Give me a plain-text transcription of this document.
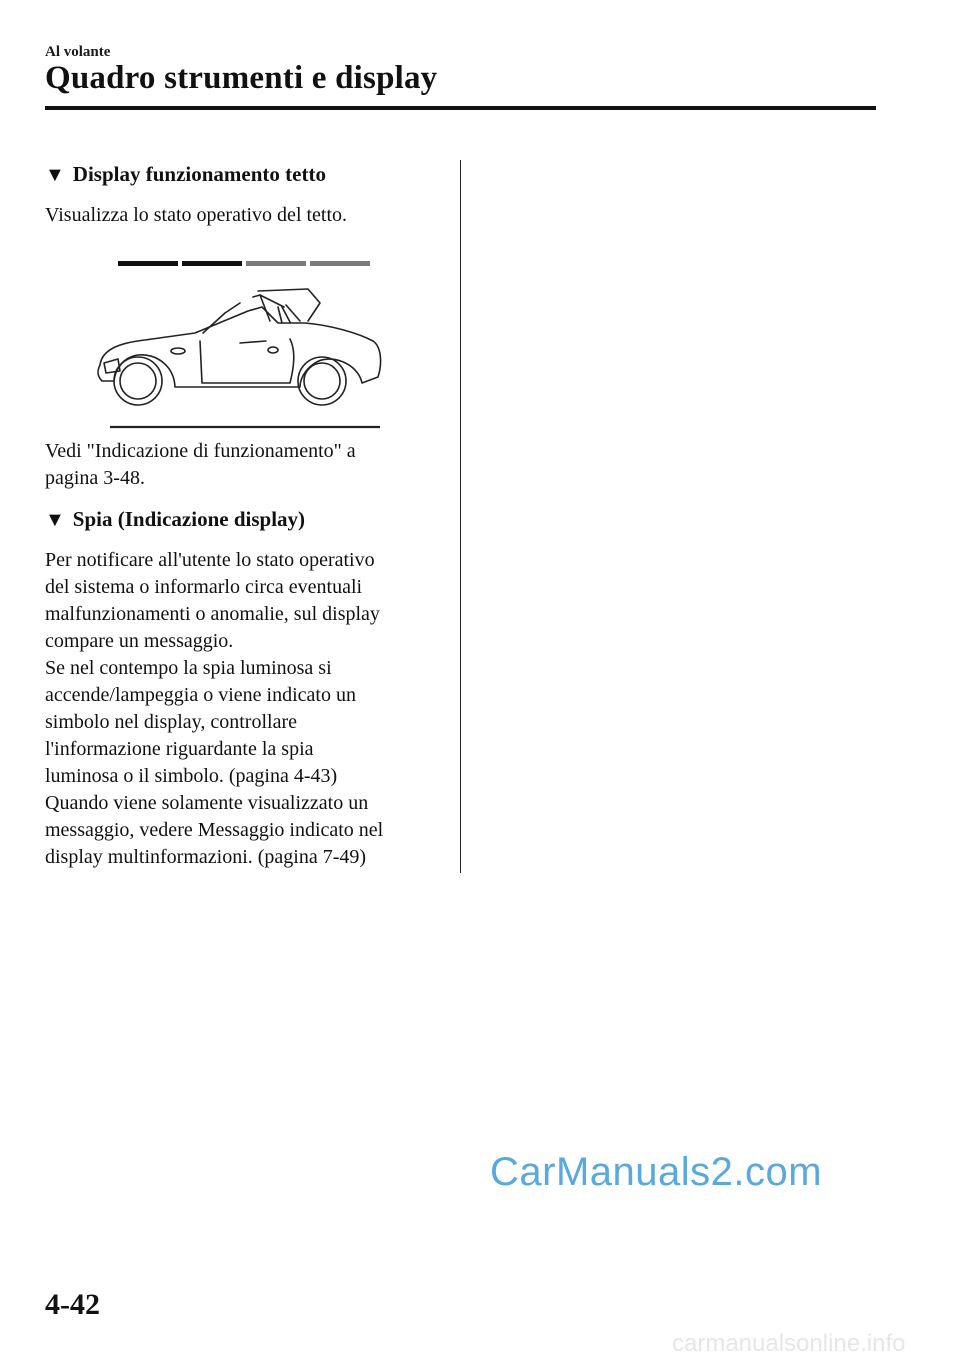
Al volante
Quadro strumenti e display
▼ Display funzionamento tetto

Visualizza lo stato operativo del tetto.

Vedi "Indicazione di funzionamento" a

pagina 3-48.

▼ Spia (Indicazione display)

Per notificare all'utente lo stato operativo

del sistema o informarlo circa eventuali

malfunzionamenti o anomalie, sul display

compare un messaggio.

Se nel contempo la spia luminosa si

accende/lampeggia o viene indicato un

simbolo nel display, controllare

l'informazione riguardante la spia

luminosa o il simbolo. (pagina 4-43)

Quando viene solamente visualizzato un

messaggio, vedere Messaggio indicato nel

display multinformazioni. (pagina 7-49)

CarManuals2.com
4-42
carmanualsonline.info
